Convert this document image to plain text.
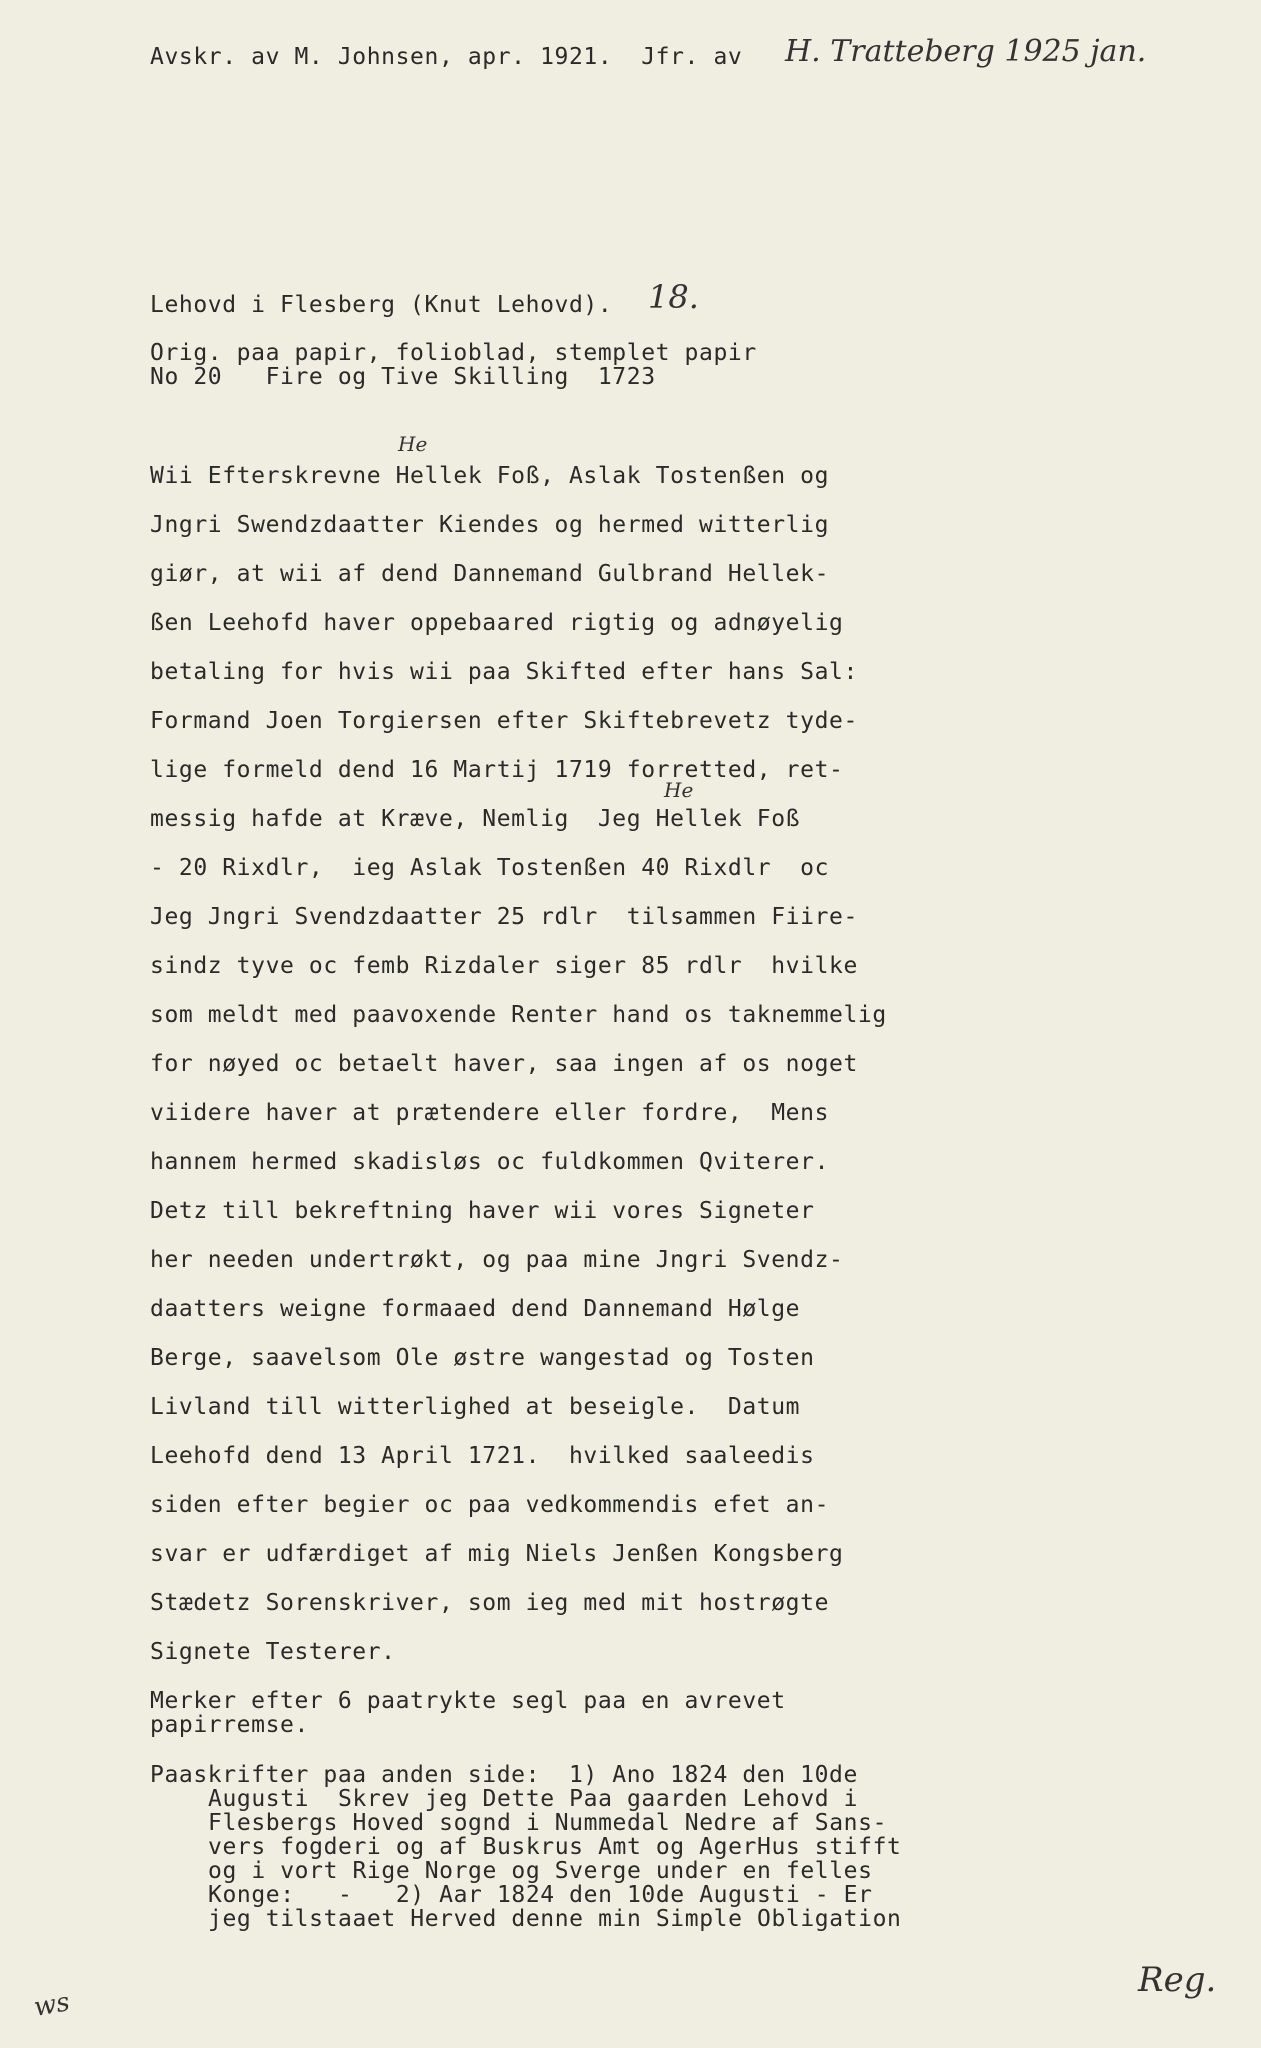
Avskr. av M. Johnsen, apr. 1921.  Jfr. av H. Tratteberg 1925 jan.
Lehovd i Flesberg (Knut Lehovd). 18.
Orig. paa papir, folioblad, stemplet papir
No 20   Fire og Tive Skilling  1723
He
He
Wii Efterskrevne Hellek Foß, Aslak Tostenßen og
Jngri Swendzdaatter Kiendes og hermed witterlig
giør, at wii af dend Dannemand Gulbrand Hellek-
ßen Leehofd haver oppebaared rigtig og adnøyelig
betaling for hvis wii paa Skifted efter hans Sal:
Formand Joen Torgiersen efter Skiftebrevetz tyde-
lige formeld dend 16 Martij 1719 forretted, ret-
messig hafde at Kræve, Nemlig  Jeg Hellek Foß
- 20 Rixdlr,  ieg Aslak Tostenßen 40 Rixdlr  oc
Jeg Jngri Svendzdaatter 25 rdlr  tilsammen Fiire-
sindz tyve oc femb Rizdaler siger 85 rdlr  hvilke
som meldt med paavoxende Renter hand os taknemmelig
for nøyed oc betaelt haver, saa ingen af os noget
viidere haver at prætendere eller fordre,  Mens
hannem hermed skadisløs oc fuldkommen Qviterer.
Detz till bekreftning haver wii vores Signeter
her needen undertrøkt, og paa mine Jngri Svendz-
daatters weigne formaaed dend Dannemand Hølge
Berge, saavelsom Ole østre wangestad og Tosten
Livland till witterlighed at beseigle.  Datum
Leehofd dend 13 April 1721.  hvilked saaleedis
siden efter begier oc paa vedkommendis efet an-
svar er udfærdiget af mig Niels Jenßen Kongsberg
Stædetz Sorenskriver, som ieg med mit hostrøgte
Signete Testerer.
Merker efter 6 paatrykte segl paa en avrevet
papirremse.
Paaskrifter paa anden side:  1) Ano 1824 den 10de
Augusti  Skrev jeg Dette Paa gaarden Lehovd i
Flesbergs Hoved sognd i Nummedal Nedre af Sans-
vers fogderi og af Buskrus Amt og AgerHus stifft
og i vort Rige Norge og Sverge under en felles
Konge:   -   2) Aar 1824 den 10de Augusti - Er
jeg tilstaaet Herved denne min Simple Obligation
ws
Reg.
